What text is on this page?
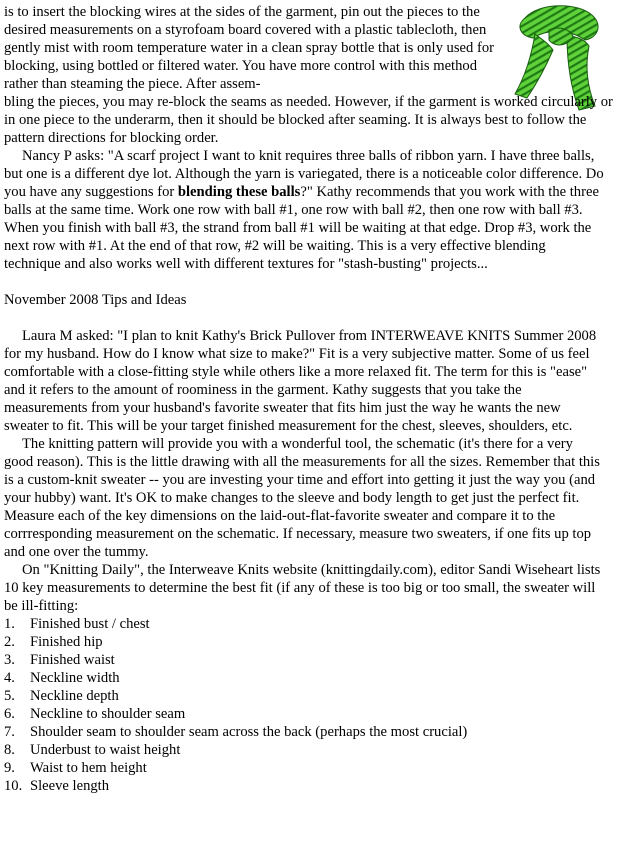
is to insert the blocking wires at the sides of the garment, pin out the pieces to the desired measurements on a styrofoam board covered with a plastic tablecloth, then gently mist with room temperature water in a clean spray bottle that is only used for blocking, using bottled or filtered water. You have more control with this method rather than steaming the piece. After assem-

bling the pieces, you may re-block the seams as needed. However, if the garment is worked circularly or in one piece to the underarm, then it should be blocked after seaming. It is always best to follow the pattern directions for blocking order.

Nancy P asks: "A scarf project I want to knit requires three balls of ribbon yarn. I have three balls, but one is a different dye lot. Although the yarn is variegated, there is a noticeable color difference. Do you have any suggestions for blending these balls?" Kathy recommends that you work with the three balls at the same time. Work one row with ball #1, one row with ball #2, then one row with ball #3. When you finish with ball #3, the strand from ball #1 will be waiting at that edge. Drop #3, work the next row with #1. At the end of that row, #2 will be waiting. This is a very effective blending technique and also works well with different textures for "stash-busting" projects...

November 2008 Tips and Ideas

Laura M asked: "I plan to knit Kathy's Brick Pullover from INTERWEAVE KNITS Summer 2008 for my husband. How do I know what size to make?" Fit is a very subjective matter. Some of us feel comfortable with a close-fitting style while others like a more relaxed fit. The term for this is "ease" and it refers to the amount of roominess in the garment. Kathy suggests that you take the measurements from your husband's favorite sweater that fits him just the way he wants the new sweater to fit. This will be your target finished measurement for the chest, sleeves, shoulders, etc.

The knitting pattern will provide you with a wonderful tool, the schematic (it's there for a very good reason). This is the little drawing with all the measurements for all the sizes. Remember that this is a custom-knit sweater -- you are investing your time and effort into getting it just the way you (and your hubby) want. It's OK to make changes to the sleeve and body length to get just the perfect fit. Measure each of the key dimensions on the laid-out-flat-favorite sweater and compare it to the corrresponding measurement on the schematic. If necessary, measure two sweaters, if one fits up top and one over the tummy.

On "Knitting Daily", the Interweave Knits website (knittingdaily.com), editor Sandi Wiseheart lists 10 key measurements to determine the best fit (if any of these is too big or too small, the sweater will be ill-fitting:

1.	Finished bust / chest
2.	Finished hip
3.	Finished waist
4.	Neckline width
5.	Neckline depth
6.	Neckline to shoulder seam
7.	Shoulder seam to shoulder seam across the back (perhaps the most crucial)
8.	Underbust to waist height
9.	Waist to hem height
10. Sleeve length
